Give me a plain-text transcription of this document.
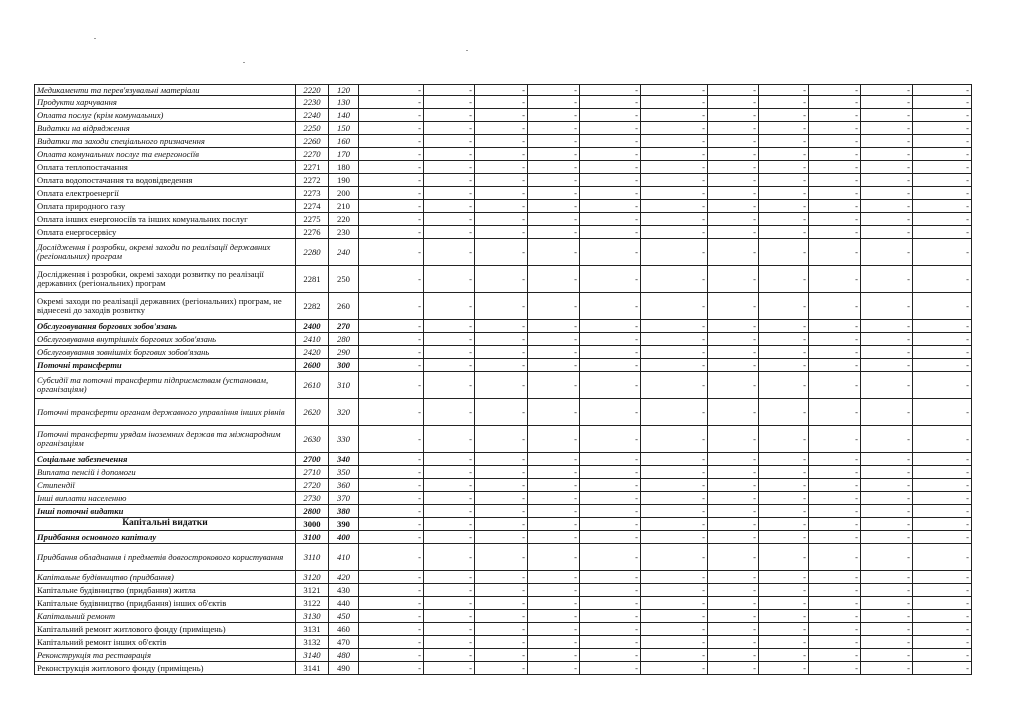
Медикаменти та перев'язувальні матеріали	2220	120	-	-	-	-	-	-	-	-	-	-	-
Продукти харчування	2230	130	-	-	-	-	-	-	-	-	-	-	-
Оплата послуг (крім комунальних)	2240	140	-	-	-	-	-	-	-	-	-	-	-
Видатки на відрядження	2250	150	-	-	-	-	-	-	-	-	-	-	-
Видатки та заходи спеціального призначення	2260	160	-	-	-	-	-	-	-	-	-	-	-
Оплата комунальних послуг та енергоносіїв	2270	170	-	-	-	-	-	-	-	-	-	-	-
Оплата теплопостачання	2271	180	-	-	-	-	-	-	-	-	-	-	-
Оплата водопостачання та водовідведення	2272	190	-	-	-	-	-	-	-	-	-	-	-
Оплата електроенергії	2273	200	-	-	-	-	-	-	-	-	-	-	-
Оплата природного газу	2274	210	-	-	-	-	-	-	-	-	-	-	-
Оплата інших енергоносіїв та інших комунальних послуг	2275	220	-	-	-	-	-	-	-	-	-	-	-
Оплата енергосервісу	2276	230	-	-	-	-	-	-	-	-	-	-	-
Дослідження і розробки, окремі заходи по реалізації державних (регіональних) програм	2280	240	-	-	-	-	-	-	-	-	-	-	-
Дослідження і розробки, окремі заходи розвитку по реалізації державних (регіональних) програм	2281	250	-	-	-	-	-	-	-	-	-	-	-
Окремі заходи по реалізації державних (регіональних) програм, не віднесені до заходів розвитку	2282	260	-	-	-	-	-	-	-	-	-	-	-
Обслуговування боргових зобов'язань	2400	270	-	-	-	-	-	-	-	-	-	-	-
Обслуговування внутрішніх боргових зобов'язань	2410	280	-	-	-	-	-	-	-	-	-	-	-
Обслуговування зовнішніх боргових зобов'язань	2420	290	-	-	-	-	-	-	-	-	-	-	-
Поточні трансферти	2600	300	-	-	-	-	-	-	-	-	-	-	-
Субсидії та поточні трансферти підприємствам (установам, організаціям)	2610	310	-	-	-	-	-	-	-	-	-	-	-
Поточні трансферти органам державного управління інших рівнів	2620	320	-	-	-	-	-	-	-	-	-	-	-
Поточні трансферти урядам іноземних держав та міжнародним організаціям	2630	330	-	-	-	-	-	-	-	-	-	-	-
Соціальне забезпечення	2700	340	-	-	-	-	-	-	-	-	-	-	-
Виплата пенсій і допомоги	2710	350	-	-	-	-	-	-	-	-	-	-	-
Стипендії	2720	360	-	-	-	-	-	-	-	-	-	-	-
Інші виплати населенню	2730	370	-	-	-	-	-	-	-	-	-	-	-
Інші поточні видатки	2800	380	-	-	-	-	-	-	-	-	-	-	-
Капітальні видатки	3000	390	-	-	-	-	-	-	-	-	-	-	-
Придбання основного капіталу	3100	400	-	-	-	-	-	-	-	-	-	-	-
Придбання обладнання і предметів довгострокового користування	3110	410	-	-	-	-	-	-	-	-	-	-	-
Капітальне будівництво (придбання)	3120	420	-	-	-	-	-	-	-	-	-	-	-
Капітальне будівництво (придбання) житла	3121	430	-	-	-	-	-	-	-	-	-	-	-
Капітальне будівництво (придбання) інших об'єктів	3122	440	-	-	-	-	-	-	-	-	-	-	-
Капітальний ремонт	3130	450	-	-	-	-	-	-	-	-	-	-	-
Капітальний ремонт житлового фонду (приміщень)	3131	460	-	-	-	-	-	-	-	-	-	-	-
Капітальний ремонт інших об'єктів	3132	470	-	-	-	-	-	-	-	-	-	-	-
Реконструкція та реставрація	3140	480	-	-	-	-	-	-	-	-	-	-	-
Реконструкція житлового фонду (приміщень)	3141	490	-	-	-	-	-	-	-	-	-	-	-
